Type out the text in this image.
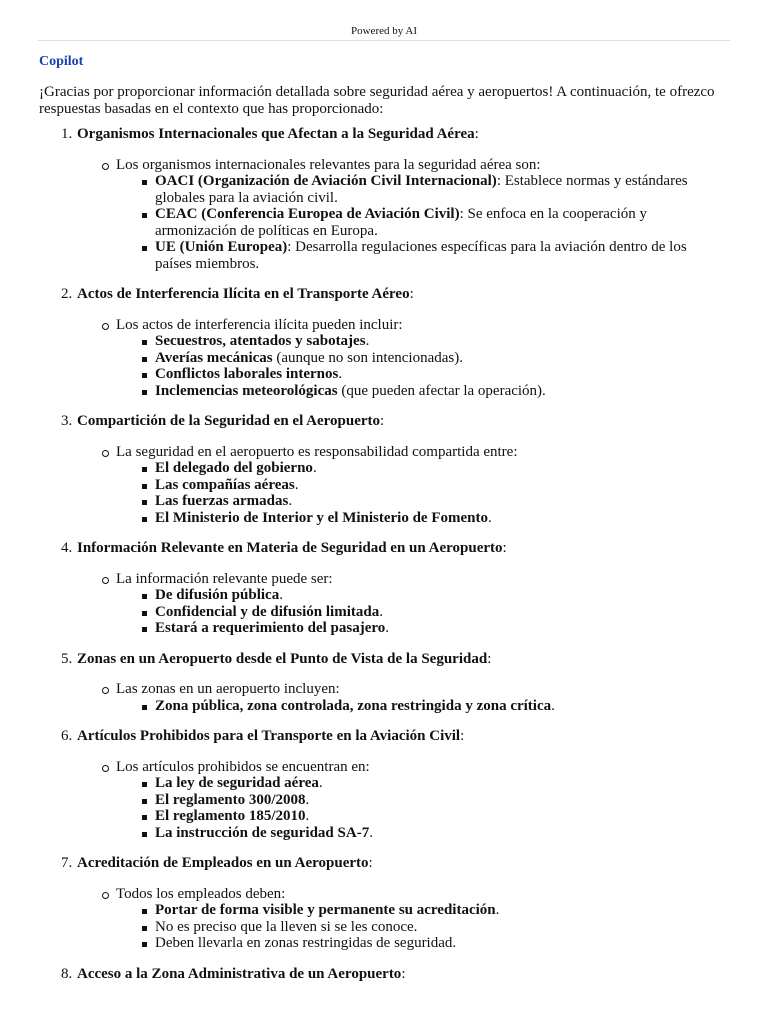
Powered by AI
Copilot
¡Gracias por proporcionar información detallada sobre seguridad aérea y aeropuertos! A continuación, te ofrezco respuestas basadas en el contexto que has proporcionado:
1. Organismos Internacionales que Afectan a la Seguridad Aérea:
Los organismos internacionales relevantes para la seguridad aérea son:
OACI (Organización de Aviación Civil Internacional): Establece normas y estándares globales para la aviación civil.
CEAC (Conferencia Europea de Aviación Civil): Se enfoca en la cooperación y armonización de políticas en Europa.
UE (Unión Europea): Desarrolla regulaciones específicas para la aviación dentro de los países miembros.
2. Actos de Interferencia Ilícita en el Transporte Aéreo:
Los actos de interferencia ilícita pueden incluir:
Secuestros, atentados y sabotajes.
Averías mecánicas (aunque no son intencionadas).
Conflictos laborales internos.
Inclemencias meteorológicas (que pueden afectar la operación).
3. Compartición de la Seguridad en el Aeropuerto:
La seguridad en el aeropuerto es responsabilidad compartida entre:
El delegado del gobierno.
Las compañías aéreas.
Las fuerzas armadas.
El Ministerio de Interior y el Ministerio de Fomento.
4. Información Relevante en Materia de Seguridad en un Aeropuerto:
La información relevante puede ser:
De difusión pública.
Confidencial y de difusión limitada.
Estará a requerimiento del pasajero.
5. Zonas en un Aeropuerto desde el Punto de Vista de la Seguridad:
Las zonas en un aeropuerto incluyen:
Zona pública, zona controlada, zona restringida y zona crítica.
6. Artículos Prohibidos para el Transporte en la Aviación Civil:
Los artículos prohibidos se encuentran en:
La ley de seguridad aérea.
El reglamento 300/2008.
El reglamento 185/2010.
La instrucción de seguridad SA-7.
7. Acreditación de Empleados en un Aeropuerto:
Todos los empleados deben:
Portar de forma visible y permanente su acreditación.
No es preciso que la lleven si se les conoce.
Deben llevarla en zonas restringidas de seguridad.
8. Acceso a la Zona Administrativa de un Aeropuerto:
